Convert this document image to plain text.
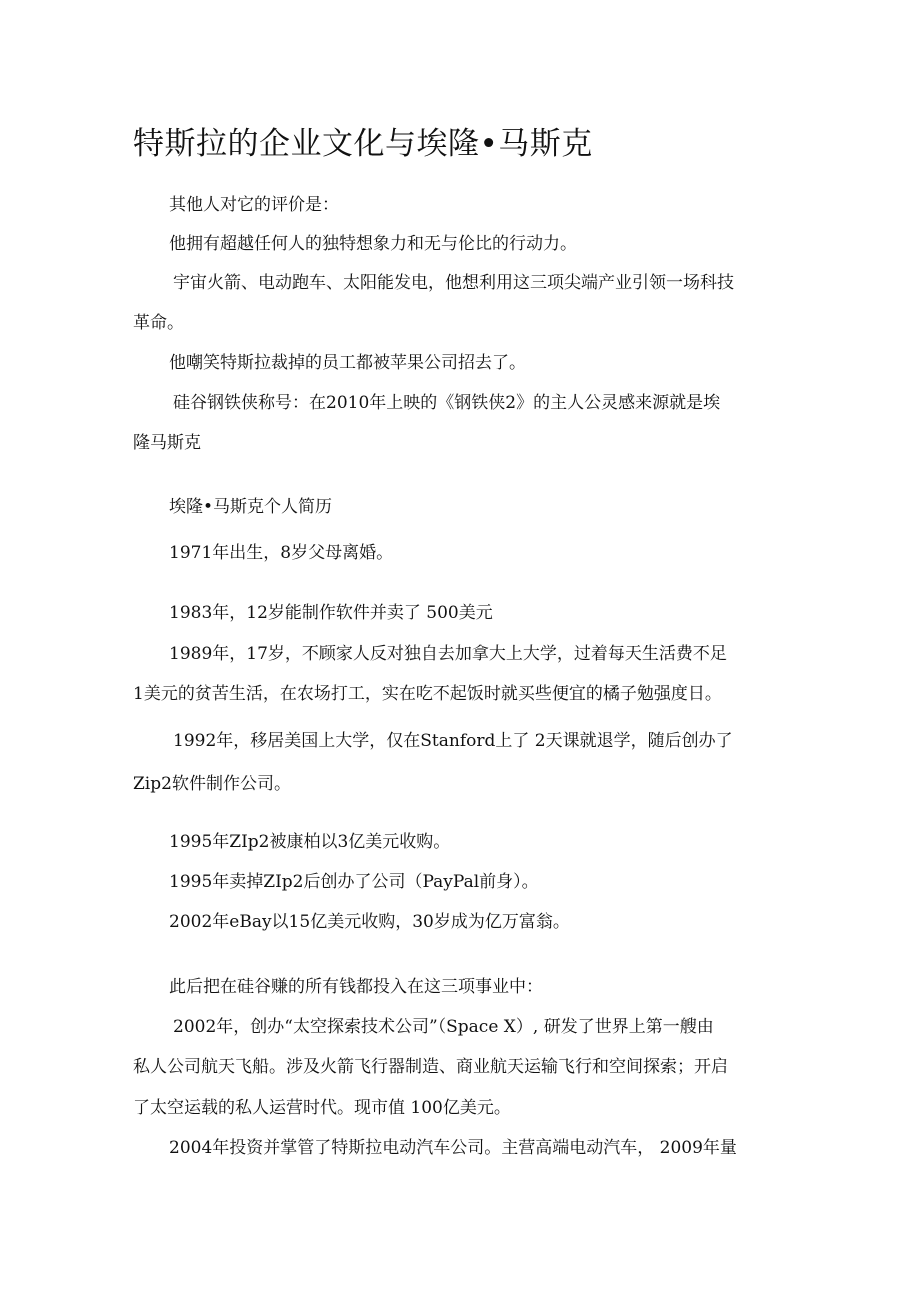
特斯拉的企业文化与埃隆•马斯克

其他人对它的评价是：

他拥有超越任何人的独特想象力和无与伦比的行动力。

宇宙火箭、电动跑车、太阳能发电，他想利用这三项尖端产业引领一场科技

革命。

他嘲笑特斯拉裁掉的员工都被苹果公司招去了。

硅谷钢铁侠称号：在2010年上映的《钢铁侠2》的主人公灵感来源就是埃

隆马斯克

埃隆•马斯克个人简历

1971年出生，8岁父母离婚。

1983年，12岁能制作软件并卖了 500美元

1989年，17岁，不顾家人反对独自去加拿大上大学，过着每天生活费不足

1美元的贫苦生活，在农场打工，实在吃不起饭时就买些便宜的橘子勉强度日。

1992年，移居美国上大学，仅在Stanford上了 2天课就退学，随后创办了

Zip2软件制作公司。

1995年ZIp2被康柏以3亿美元收购。

1995年卖掉ZIp2后创办了公司（PayPal前身）。

2002年eBay以15亿美元收购，30岁成为亿万富翁。

此后把在硅谷赚的所有钱都投入在这三项事业中：

2002年，创办“太空探索技术公司”（Space X）, 研发了世界上第一艘由

私人公司航天飞船。涉及火箭飞行器制造、商业航天运输飞行和空间探索；开启

了太空运载的私人运营时代。现市值 100亿美元。

2004年投资并掌管了特斯拉电动汽车公司。主营高端电动汽车， 2009年量
